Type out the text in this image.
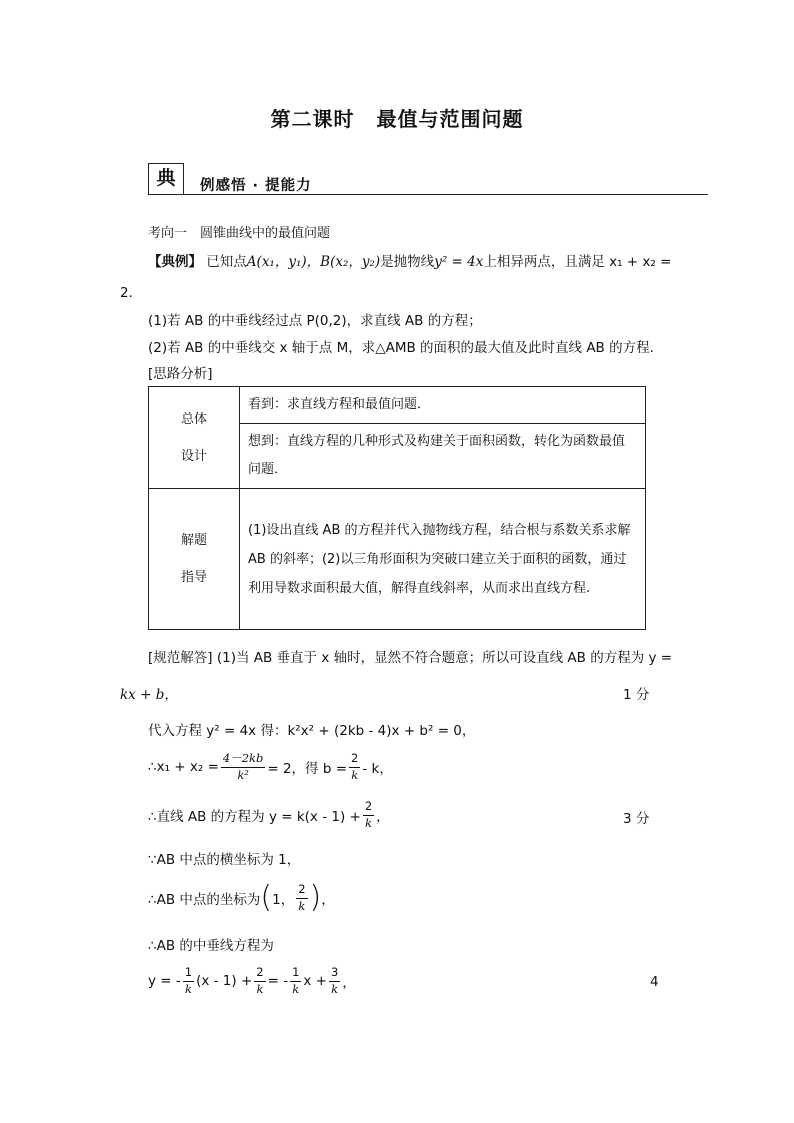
第二课时 最值与范围问题
典	例感悟 · 提能力
考向一　圆锥曲线中的最值问题
【典例】 已知点A(x₁，y₁)，B(x₂，y₂)是抛物线y² = 4x上相异两点，且满足 x₁ + x₂ =
2．
(1)若 AB 的中垂线经过点 P(0,2)，求直线 AB 的方程；
(2)若 AB 的中垂线交 x 轴于点 M，求△AMB 的面积的最大值及此时直线 AB 的方程．
[思路分析]
总体
设计	看到：求直线方程和最值问题．
	想到：直线方程的几种形式及构建关于面积函数，转化为函数最值问题．

解题
指导	(1)设出直线 AB 的方程并代入抛物线方程，结合根与系数关系求解 AB 的斜率；(2)以三角形面积为突破口建立关于面积的函数，通过利用导数求面积最大值，解得直线斜率，从而求出直线方程.
[规范解答] (1)当 AB 垂直于 x 轴时，显然不符合题意；所以可设直线 AB 的方程为 y =
kx + b，	1 分
代入方程 y² = 4x 得：k²x² + (2kb - 4)x + b² = 0，
∴x₁ + $x_2 = \frac{4-2kb}{\text{k²}} = 2$，得 $b = \frac{2}{k} - k$，
∴直线 AB 的方程为 $y = k(x - 1) + \frac{2}{k}$ ，	3 分
∵AB 中点的横坐标为 1，
∴AB 中点的坐标为 ( 1， $\frac{2}{k}$ ) ，
∴AB 的中垂线方程为
y = - $\frac{1}{k} (x - 1) + \frac{2}{k}$ = - $\frac{1}{k}$ $x + \frac{3}{k}$ ，	4
